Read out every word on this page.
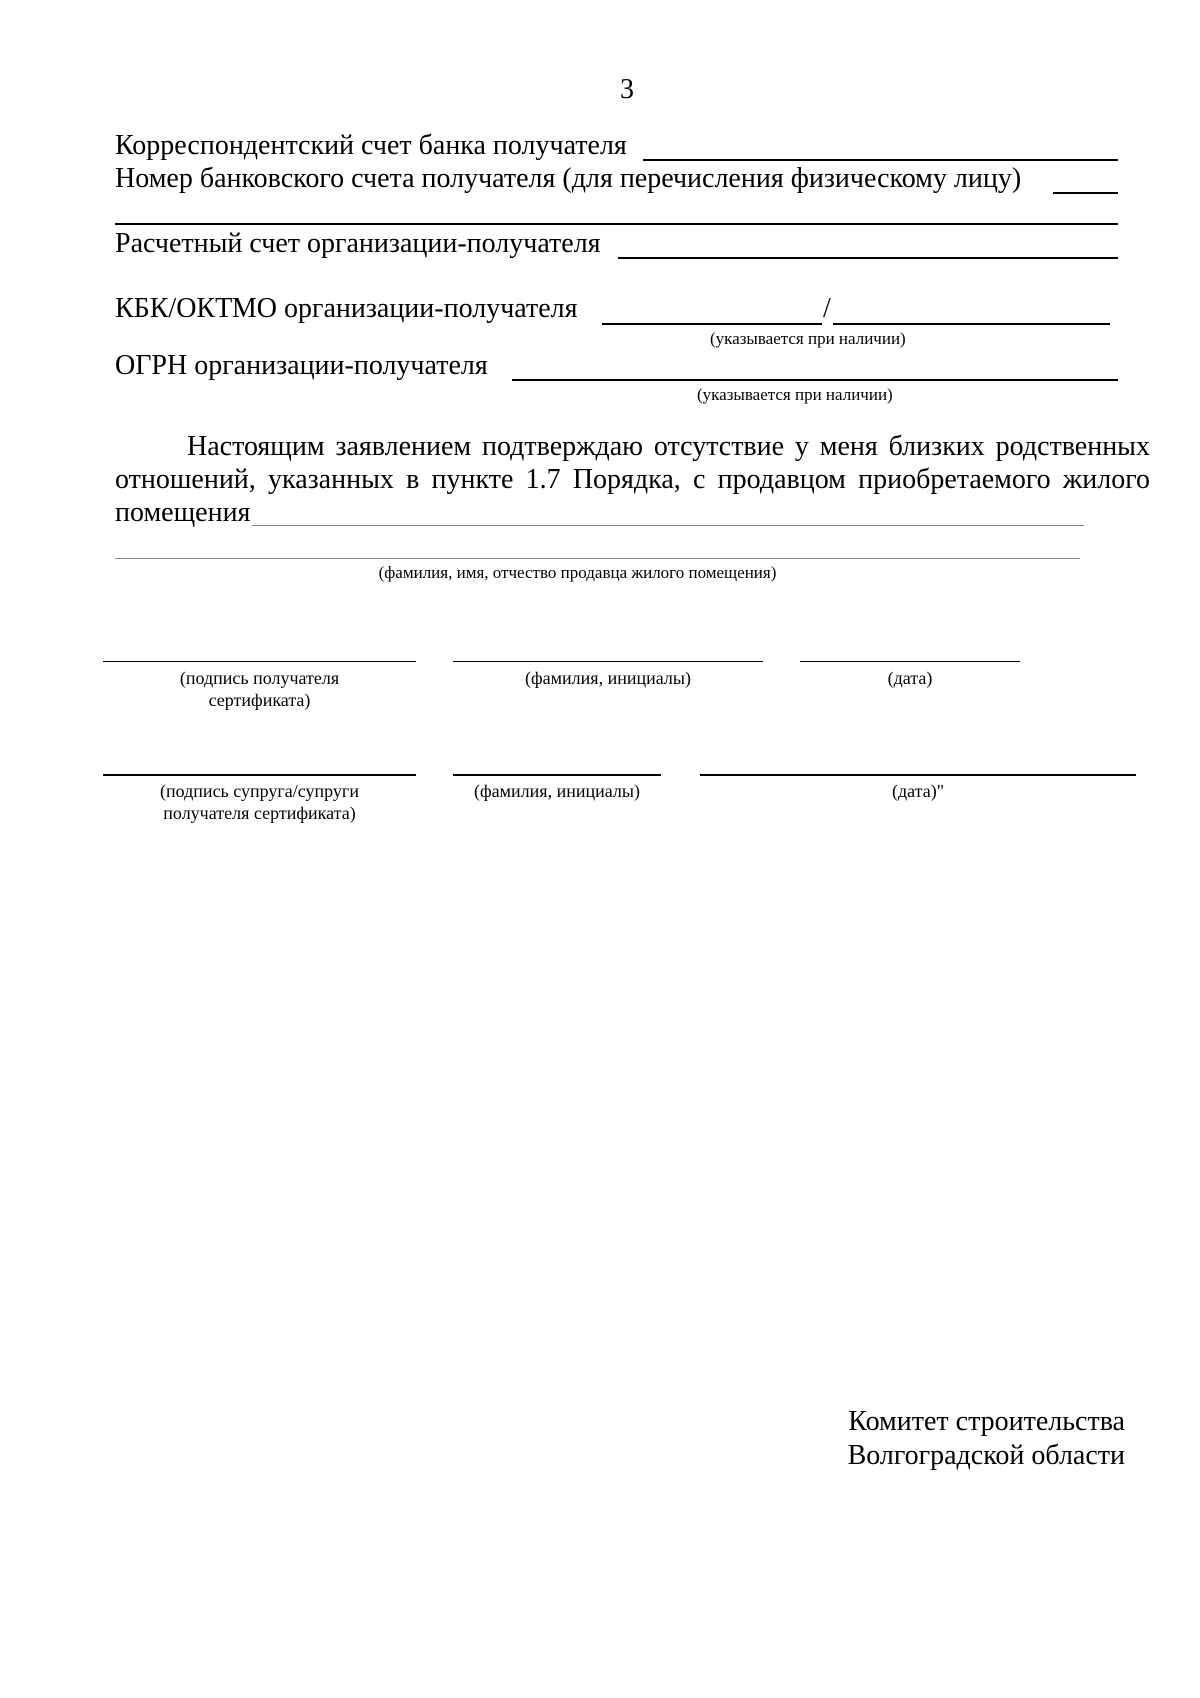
3
Корреспондентский счет банка получателя
Номер банковского счета получателя (для перечисления физическому лицу)
Расчетный счет организации-получателя
КБК/ОКТМО организации-получателя	/
(указывается при наличии)
ОГРН организации-получателя
(указывается при наличии)
Настоящим заявлением подтверждаю отсутствие у меня близких родственных
отношений, указанных в пункте 1.7 Порядка, с продавцом приобретаемого жилого
помещения
(фамилия, имя, отчество продавца жилого помещения)
(подпись получателя
сертификата)
(фамилия, инициалы)	(дата)
(подпись супруга/супруги
получателя сертификата)
(фамилия, инициалы)	(дата)"
Комитет строительства
Волгоградской области
